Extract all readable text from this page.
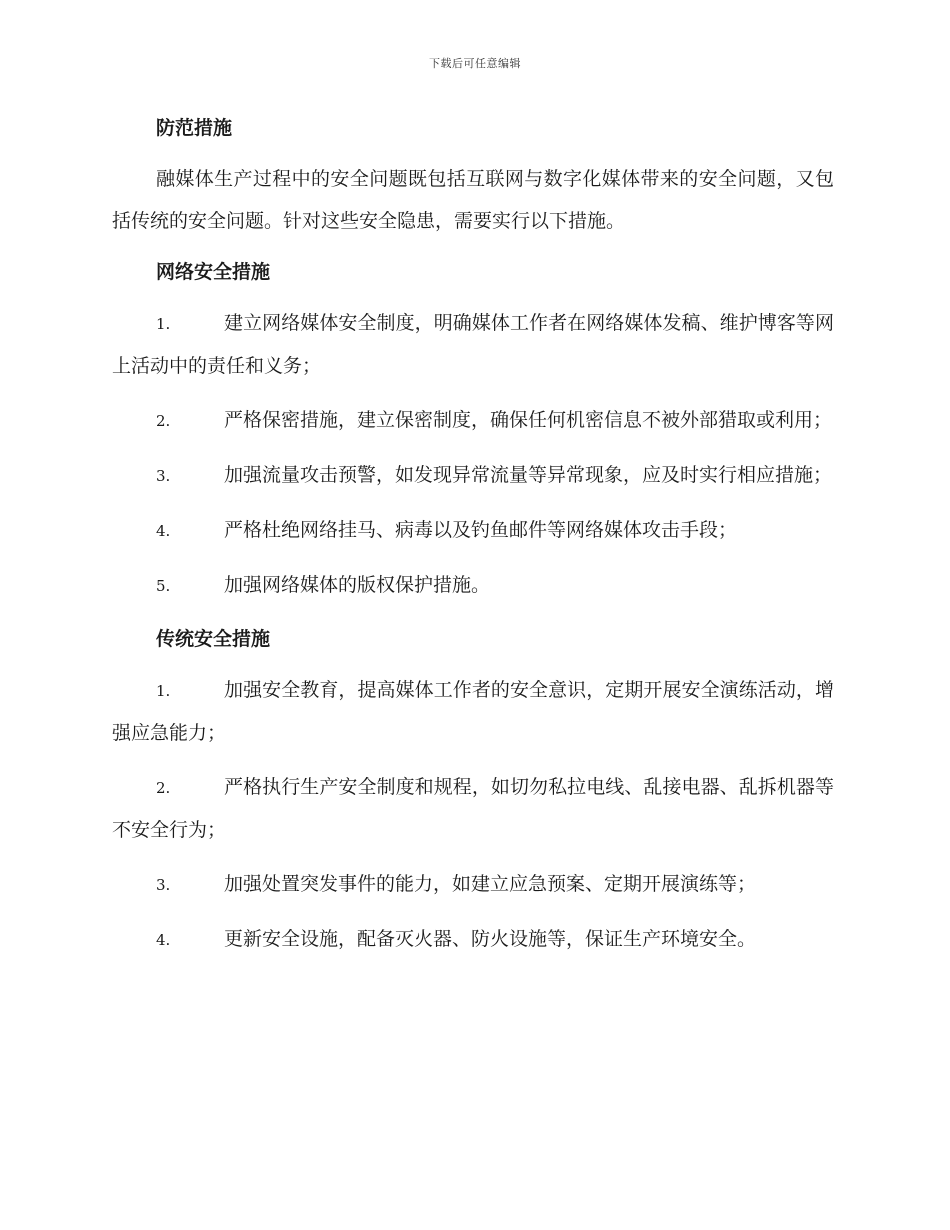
下载后可任意编辑
防范措施
融媒体生产过程中的安全问题既包括互联网与数字化媒体带来的安全问题，又包括传统的安全问题。针对这些安全隐患，需要实行以下措施。
网络安全措施
1.	建立网络媒体安全制度，明确媒体工作者在网络媒体发稿、维护博客等网上活动中的责任和义务；
2.	严格保密措施，建立保密制度，确保任何机密信息不被外部猎取或利用；
3.	加强流量攻击预警，如发现异常流量等异常现象，应及时实行相应措施；
4.	严格杜绝网络挂马、病毒以及钓鱼邮件等网络媒体攻击手段；
5.	加强网络媒体的版权保护措施。
传统安全措施
1.	加强安全教育，提高媒体工作者的安全意识，定期开展安全演练活动，增强应急能力；
2.	严格执行生产安全制度和规程，如切勿私拉电线、乱接电器、乱拆机器等不安全行为；
3.	加强处置突发事件的能力，如建立应急预案、定期开展演练等；
4.	更新安全设施，配备灭火器、防火设施等，保证生产环境安全。
